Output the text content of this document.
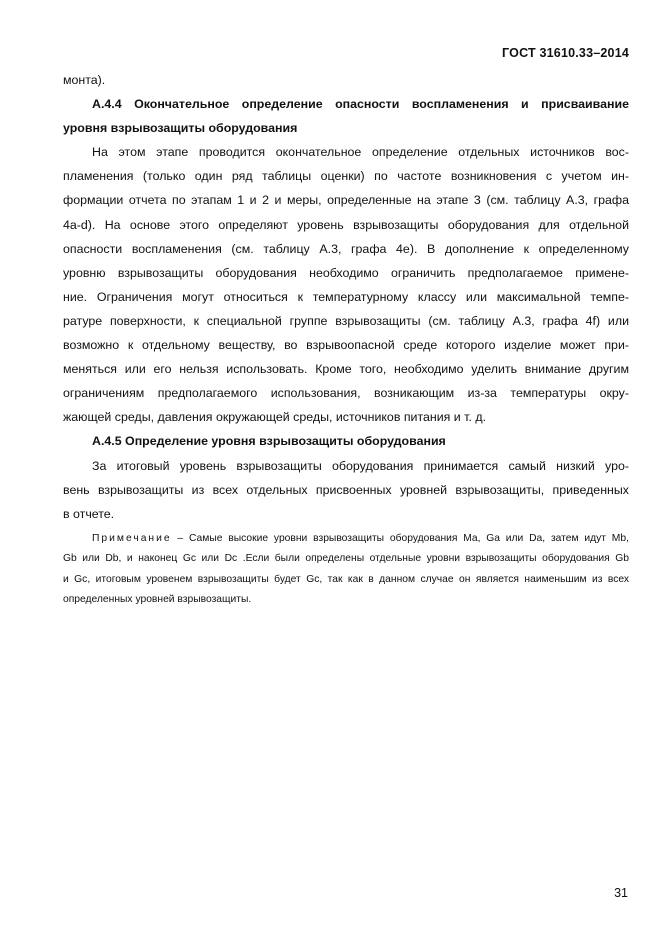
ГОСТ 31610.33–2014
монта).
А.4.4 Окончательное определение опасности воспламенения и присваивание
уровня взрывозащиты оборудования
На этом этапе проводится окончательное определение отдельных источников вос-
пламенения (только один ряд таблицы оценки) по частоте возникновения с учетом ин-
формации отчета по этапам 1 и 2 и меры, определенные на этапе 3 (см. таблицу А.3, графа
4a-d). На основе этого определяют уровень взрывозащиты оборудования для отдельной
опасности воспламенения (см. таблицу А.3, графа 4e). В дополнение к определенному
уровню взрывозащиты оборудования необходимо ограничить предполагаемое примене-
ние. Ограничения могут относиться к температурному классу или максимальной темпе-
ратуре поверхности, к специальной группе взрывозащиты (см. таблицу А.3, графа 4f) или
возможно к отдельному веществу, во взрывоопасной среде которого изделие может при-
меняться или его нельзя использовать. Кроме того, необходимо уделить внимание другим
ограничениям предполагаемого использования, возникающим из-за температуры окру-
жающей среды, давления окружающей среды, источников питания и т. д.
А.4.5 Определение уровня взрывозащиты оборудования
За итоговый уровень взрывозащиты оборудования принимается самый низкий уро-
вень взрывозащиты из всех отдельных присвоенных уровней взрывозащиты, приведенных
в отчете.
Примечание – Самые высокие уровни взрывозащиты оборудования Ma, Ga или Da, затем идут Mb,
Gb или Db, и наконец Gc или Dc .Если были определены отдельные уровни взрывозащиты оборудования Gb
и Gc, итоговым уровенем взрывозащиты будет Gc, так как в данном случае он является наименьшим из всех
определенных уровней взрывозащиты.
31
